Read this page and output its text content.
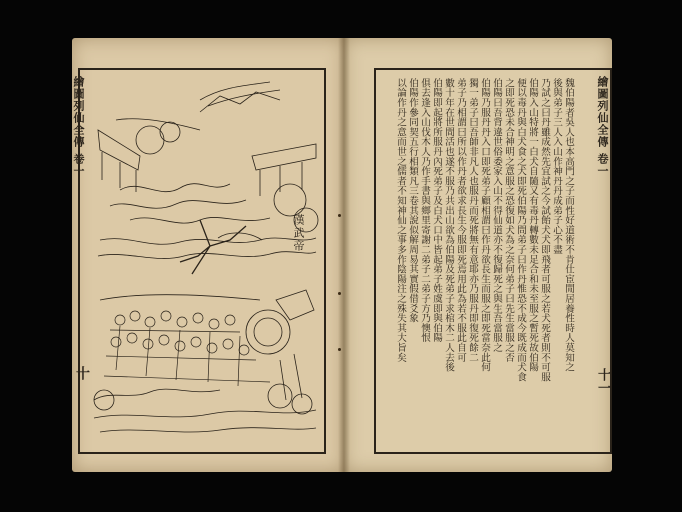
繪圖列仙全傳 卷一
十
漢武帝	魏伯陽者吳人也本高門之子而性好道術不肯仕宦閒居養性時人莫知之

後與弟子三人入山作神丹丹成弟子心不盡

乃試之曰丹雖成然先宜試之今試飴犬犬即飛者可服之若犬死者則不可服

伯陽入山特將一白犬自隨又有毒丹轉數未足合和未至服之暫死故伯陽

便以毒丹與白犬食之犬即死伯陽乃問弟子曰作丹惟恐不成今既成而犬食

之即死恐未合神明之意服之恐復如犬為之奈何弟子曰先生當服之否

伯陽曰吾背違世俗委家入山不得仙道亦不復歸死之與生吾當服之

伯陽乃服丹丹入口即死弟子顧相謂曰作丹欲長生而服之即死當奈此何

獨一弟子曰吾師非凡人也服丹而死將無有意耶亦乃服丹即復死餘二

弟子乃相謂曰所以作丹者欲求長生今服即死焉用此為若不服此自可

數十年在世間活也遂不服乃共出山欲為伯陽及死弟子求棺木二人去後

伯陽即起將所服丹內死弟子及白犬口中皆起弟子姓虞即與伯陽

俱去逢入山伐木人乃作手書與鄉里寄謝二弟子二弟子方乃懊恨

伯陽作參同契五行相類凡三卷其說似解周易其實假借爻象

以論作丹之意而世之儒者不知神仙之事多作陰陽注之殊失其大旨矣	繪圖列仙全傳 卷一
十一
